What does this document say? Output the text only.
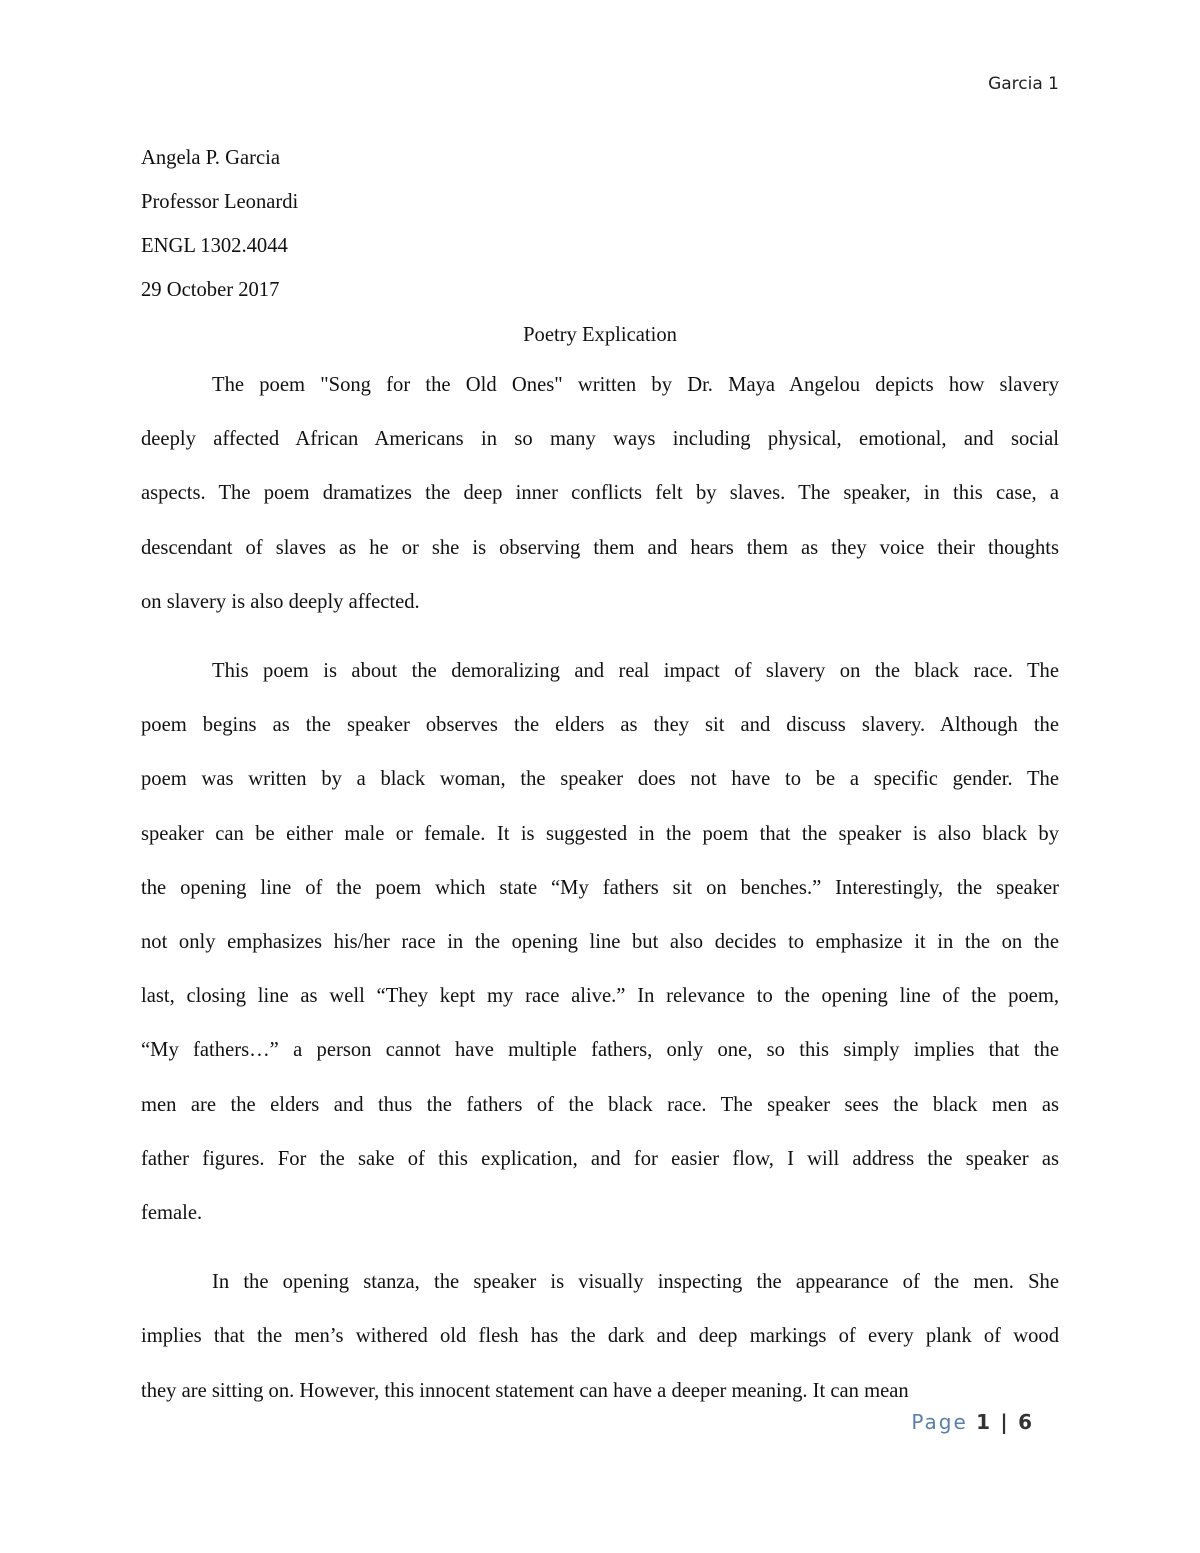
Garcia 1
Angela P. Garcia
Professor Leonardi
ENGL 1302.4044
29 October 2017
Poetry Explication
The poem "Song for the Old Ones" written by Dr. Maya Angelou depicts how slavery
deeply affected African Americans in so many ways including physical, emotional, and social
aspects. The poem dramatizes the deep inner conflicts felt by slaves. The speaker, in this case, a
descendant of slaves as he or she is observing them and hears them as they voice their thoughts
on slavery is also deeply affected.
This poem is about the demoralizing and real impact of slavery on the black race. The
poem begins as the speaker observes the elders as they sit and discuss slavery. Although the
poem was written by a black woman, the speaker does not have to be a specific gender. The
speaker can be either male or female. It is suggested in the poem that the speaker is also black by
the opening line of the poem which state “My fathers sit on benches.” Interestingly, the speaker
not only emphasizes his/her race in the opening line but also decides to emphasize it in the on the
last, closing line as well “They kept my race alive.” In relevance to the opening line of the poem,
“My fathers…” a person cannot have multiple fathers, only one, so this simply implies that the
men are the elders and thus the fathers of the black race. The speaker sees the black men as
father figures. For the sake of this explication, and for easier flow, I will address the speaker as
female.
In the opening stanza, the speaker is visually inspecting the appearance of the men. She
implies that the men’s withered old flesh has the dark and deep markings of every plank of wood
they are sitting on. However, this innocent statement can have a deeper meaning. It can mean
Page 1 | 6
